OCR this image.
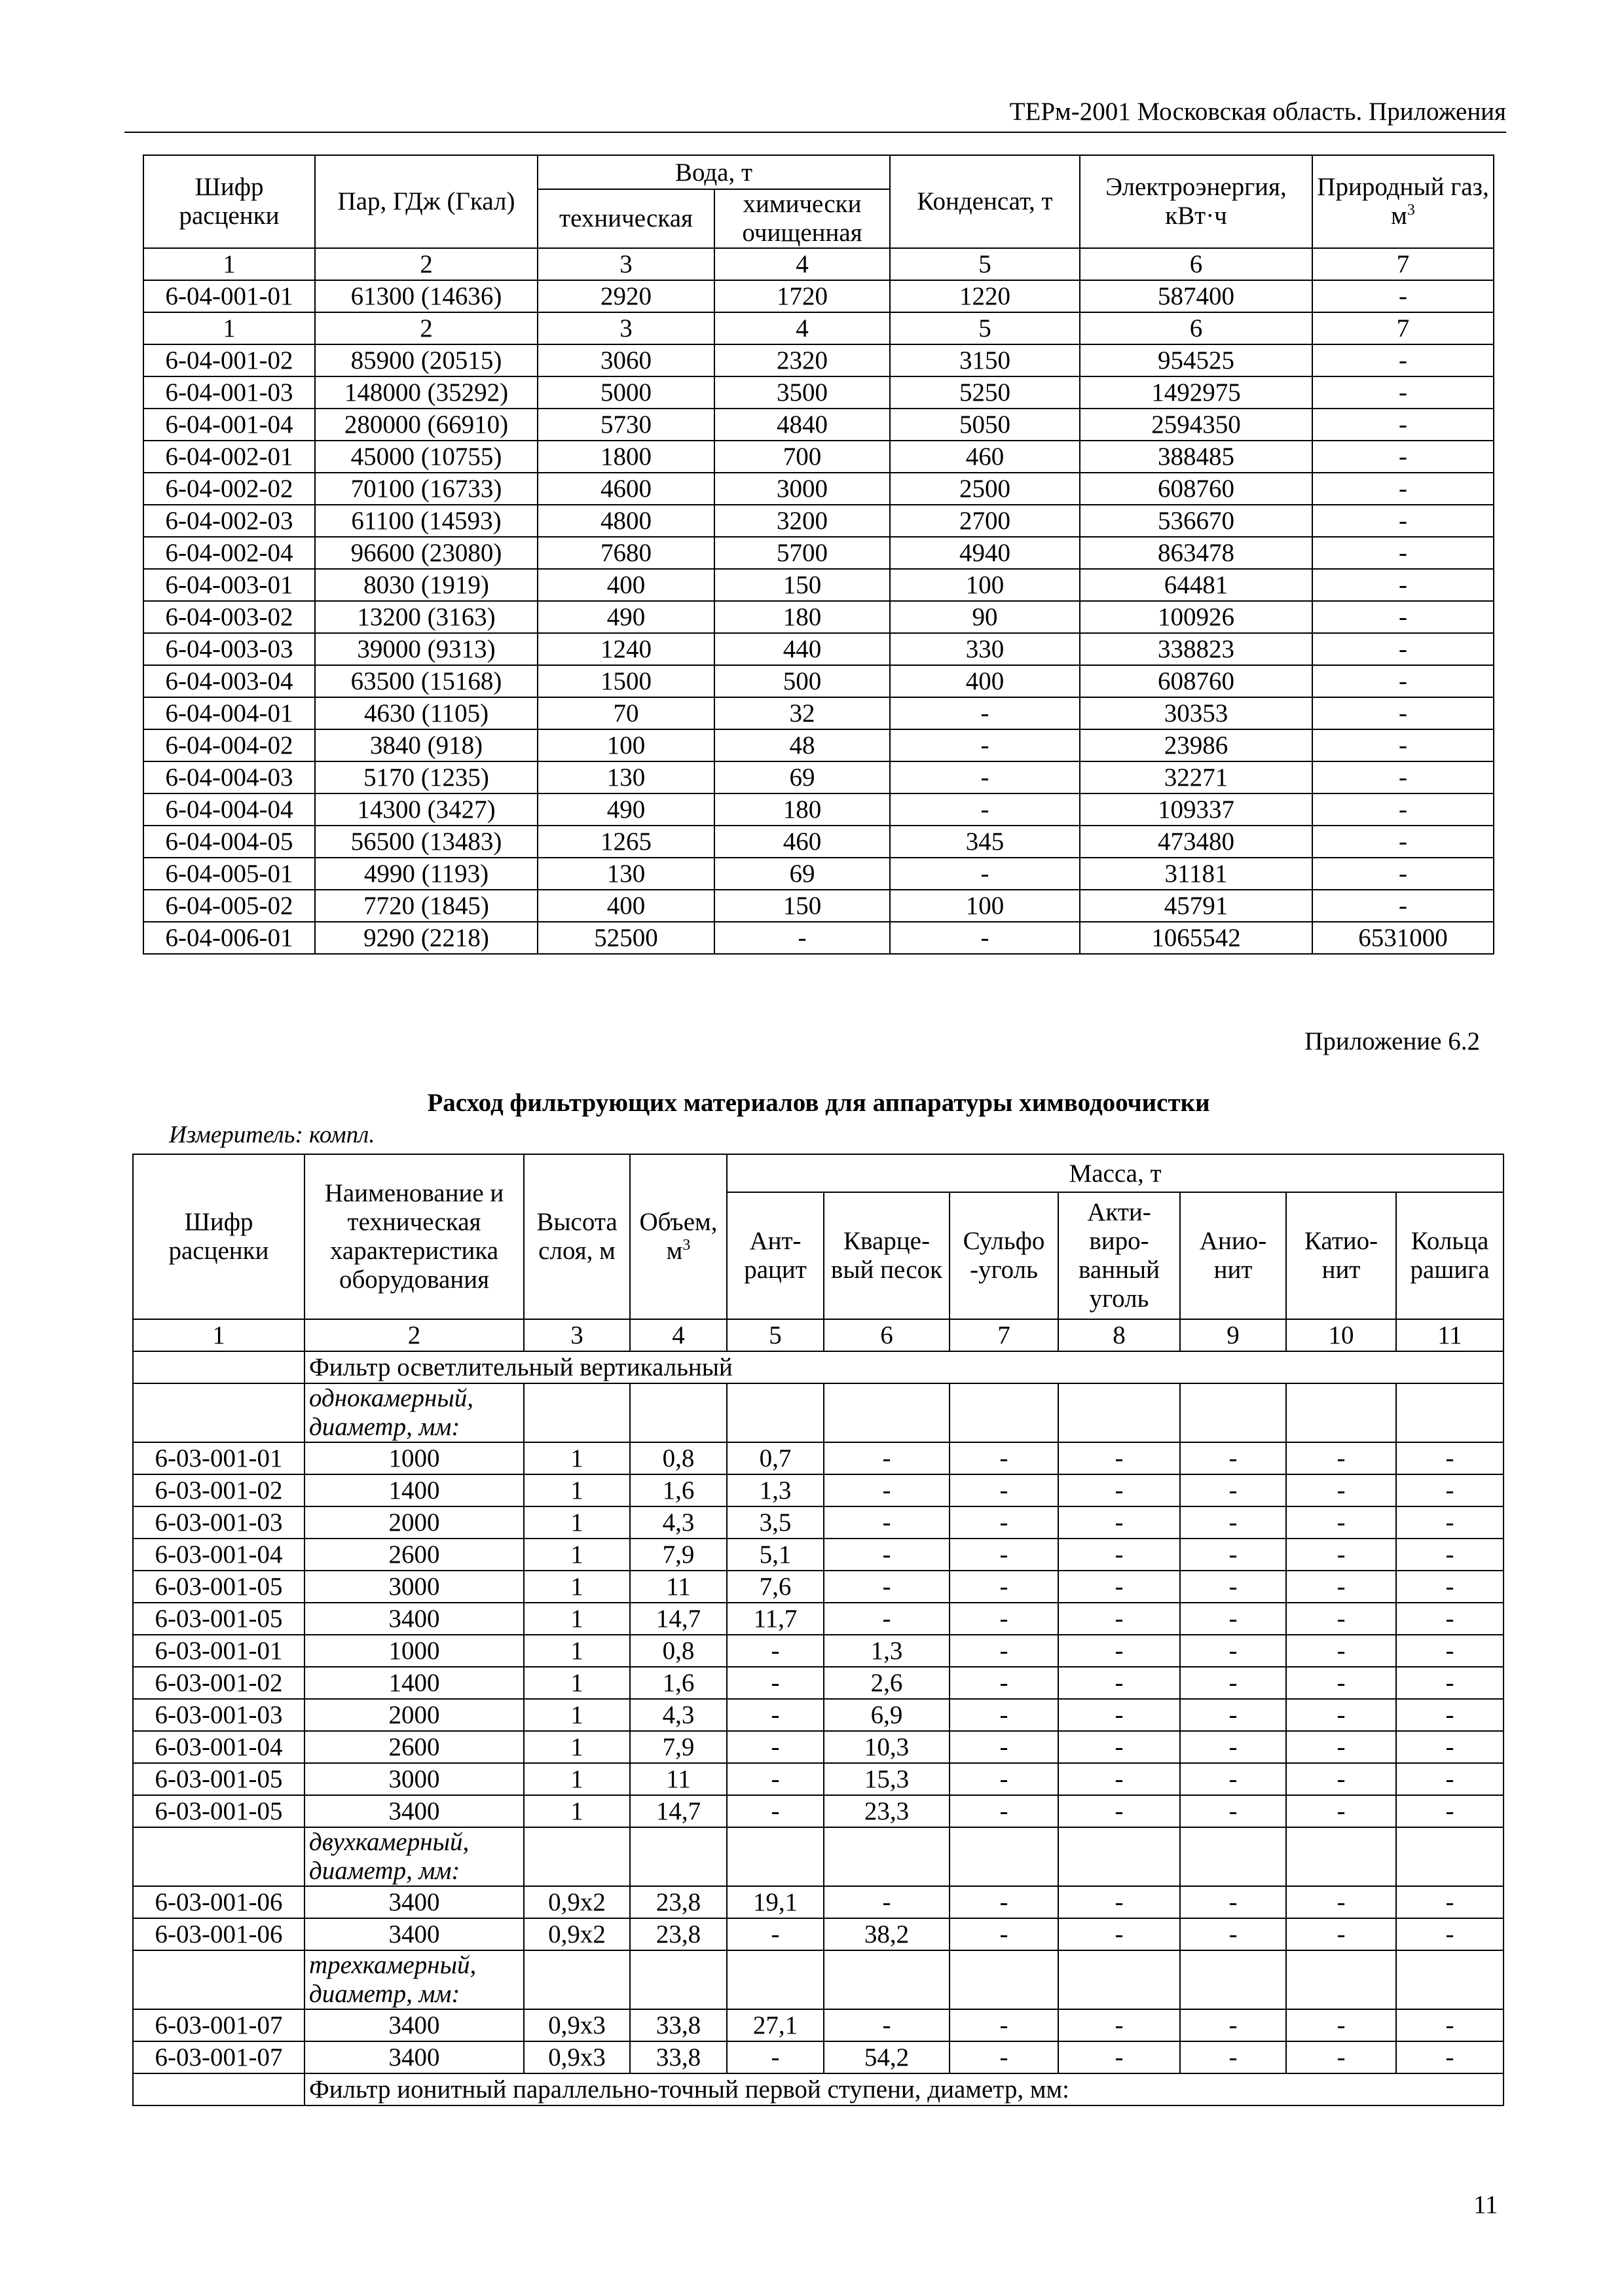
ТЕРм-2001 Московская область. Приложения
Шифр расценки	Пар, ГДж (Гкал)	Вода, т		Конденсат, т	Электроэнергия, кВт·ч	Природный газ, $м^3$
		техническая	химически очищенная			
1	2	3	4	5	6	7
6-04-001-01	61300 (14636)	2920	1720	1220	587400	-
1	2	3	4	5	6	7
6-04-001-02	85900 (20515)	3060	2320	3150	954525	-
6-04-001-03	148000 (35292)	5000	3500	5250	1492975	-
6-04-001-04	280000 (66910)	5730	4840	5050	2594350	-
6-04-002-01	45000 (10755)	1800	700	460	388485	-
6-04-002-02	70100 (16733)	4600	3000	2500	608760	-
6-04-002-03	61100 (14593)	4800	3200	2700	536670	-
6-04-002-04	96600 (23080)	7680	5700	4940	863478	-
6-04-003-01	8030 (1919)	400	150	100	64481	-
6-04-003-02	13200 (3163)	490	180	90	100926	-
6-04-003-03	39000 (9313)	1240	440	330	338823	-
6-04-003-04	63500 (15168)	1500	500	400	608760	-
6-04-004-01	4630 (1105)	70	32	-	30353	-
6-04-004-02	3840 (918)	100	48	-	23986	-
6-04-004-03	5170 (1235)	130	69	-	32271	-
6-04-004-04	14300 (3427)	490	180	-	109337	-
6-04-004-05	56500 (13483)	1265	460	345	473480	-
6-04-005-01	4990 (1193)	130	69	-	31181	-
6-04-005-02	7720 (1845)	400	150	100	45791	-
6-04-006-01	9290 (2218)	52500	-	-	1065542	6531000
Приложение 6.2
Расход фильтрующих материалов для аппаратуры химводоочистки
Измеритель: компл.
Шифр расценки	Наименование и техническая характеристика оборудования	Высота слоя, м	Объем, $м^3$	Масса, т						
				Ант- рацит	Кварце- вый песок	Сульфо -уголь	Акти- виро- ванный уголь	Анио- нит	Катио- нит	Кольца рашига
1	2	3	4	5	6	7	8	9	10	11
	Фильтр осветлительный вертикальный									
	однокамерный, диаметр, мм:									
6-03-001-01	1000	1	0,8	0,7	-	-	-	-	-	-
6-03-001-02	1400	1	1,6	1,3	-	-	-	-	-	-
6-03-001-03	2000	1	4,3	3,5	-	-	-	-	-	-
6-03-001-04	2600	1	7,9	5,1	-	-	-	-	-	-
6-03-001-05	3000	1	11	7,6	-	-	-	-	-	-
6-03-001-05	3400	1	14,7	11,7	-	-	-	-	-	-
6-03-001-01	1000	1	0,8	-	1,3	-	-	-	-	-
6-03-001-02	1400	1	1,6	-	2,6	-	-	-	-	-
6-03-001-03	2000	1	4,3	-	6,9	-	-	-	-	-
6-03-001-04	2600	1	7,9	-	10,3	-	-	-	-	-
6-03-001-05	3000	1	11	-	15,3	-	-	-	-	-
6-03-001-05	3400	1	14,7	-	23,3	-	-	-	-	-
	двухкамерный, диаметр, мм:									
6-03-001-06	3400	0,9x2	23,8	19,1	-	-	-	-	-	-
6-03-001-06	3400	0,9x2	23,8	-	38,2	-	-	-	-	-
	трехкамерный, диаметр, мм:									
6-03-001-07	3400	0,9x3	33,8	27,1	-	-	-	-	-	-
6-03-001-07	3400	0,9x3	33,8	-	54,2	-	-	-	-	-
	Фильтр ионитный параллельно-точный первой ступени, диаметр, мм:									
11
